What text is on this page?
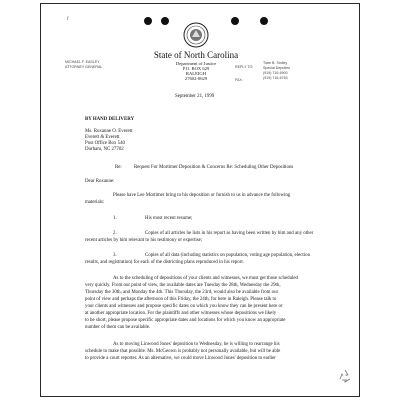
f
State of North Carolina
Department of Justice
P.O. BOX 629
RALEIGH
27602-0629
MICHAEL F. EASLEY
ATTORNEY GENERAL	REPLY TO:
FAX:
Tiare B. Smiley
Special Deputies
(919) 716-6900
(919) 716-6763
September 21, 1999
BY HAND DELIVERY
Ms. Roxanne O. Everett
Everett & Everett
Post Office Box 540
Durham, NC 27702
Re: Request For Mortimer Deposition & Concerns Re: Scheduling Other Depositions
Dear Roxanne:
Please have Lee Mortimer bring to his deposition or furnish to us in advance the following
materials:
1.	His most recent resume;
2.	Copies of all articles he lists in his report as having been written by him and any other
recent articles by him relevant to his testimony or expertise;
3.	Copies of all data (including statistics on population, voting age population, election
results, and registration) for each of the districting plans reproduced in his report.
As to the scheduling of depositions of your clients and witnesses, we must get those scheduled
very quickly. From our point of view, the available dates are Tuesday the 28th, Wednesday the 29th,
Thursday the 30th, and Monday the 4th. This Thursday, the 23rd, would also be available from our
point of view and perhaps the afternoon of this Friday, the 24th, for here in Raleigh. Please talk to
your clients and witnesses and propose specific dates on which you know they can be present here or
at another appropriate location. For the plaintiffs and other witnesses whose depositions we likely
to be short, please propose specific appropriate dates and locations for which you know an appropriate
number of them can be available.
As to moving Linwood Jones' deposition to Wednesday, he is willing to rearrange his
schedule to make that possible. Ms. McGeown is probably not personally available, but will be able
to provide a court reporter. As an alternative, we could move Linwood Jones' deposition to earlier
